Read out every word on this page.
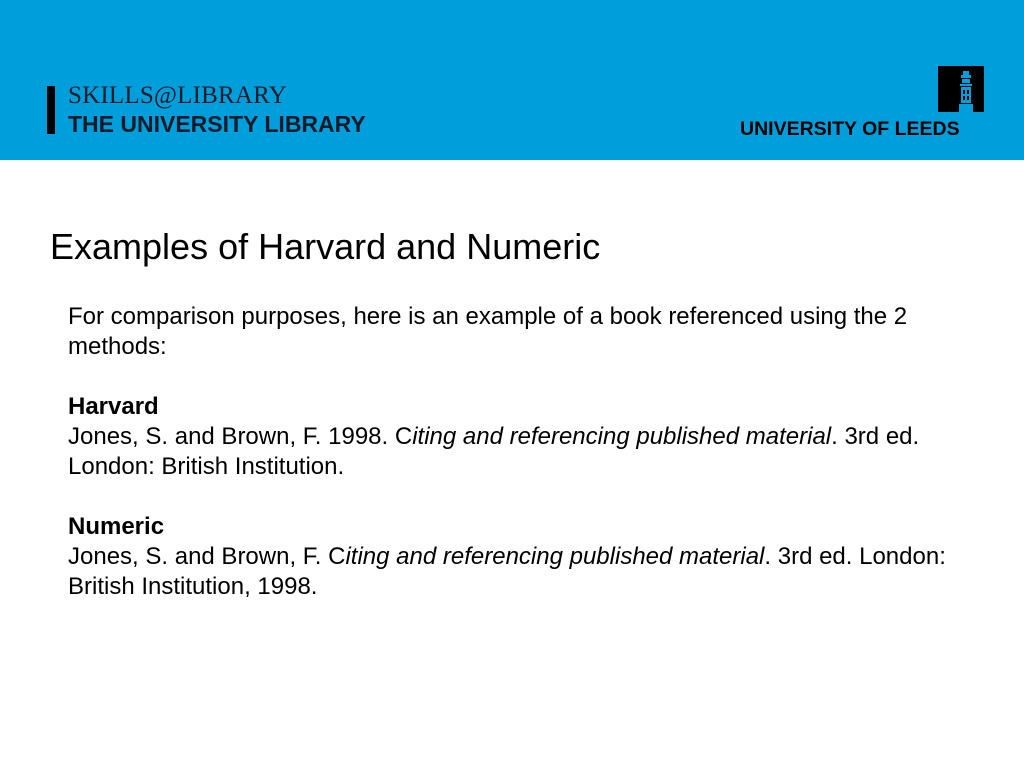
SKILLS@LIBRARY
THE UNIVERSITY LIBRARY	UNIVERSITY OF LEEDS
Examples of Harvard and Numeric

For comparison purposes, here is an example of a book referenced using the 2 methods:

Harvard

Jones, S. and Brown, F. 1998. Citing and referencing published material. 3rd ed. London: British Institution.

Numeric

Jones, S. and Brown, F. Citing and referencing published material. 3rd ed. London: British Institution, 1998.
